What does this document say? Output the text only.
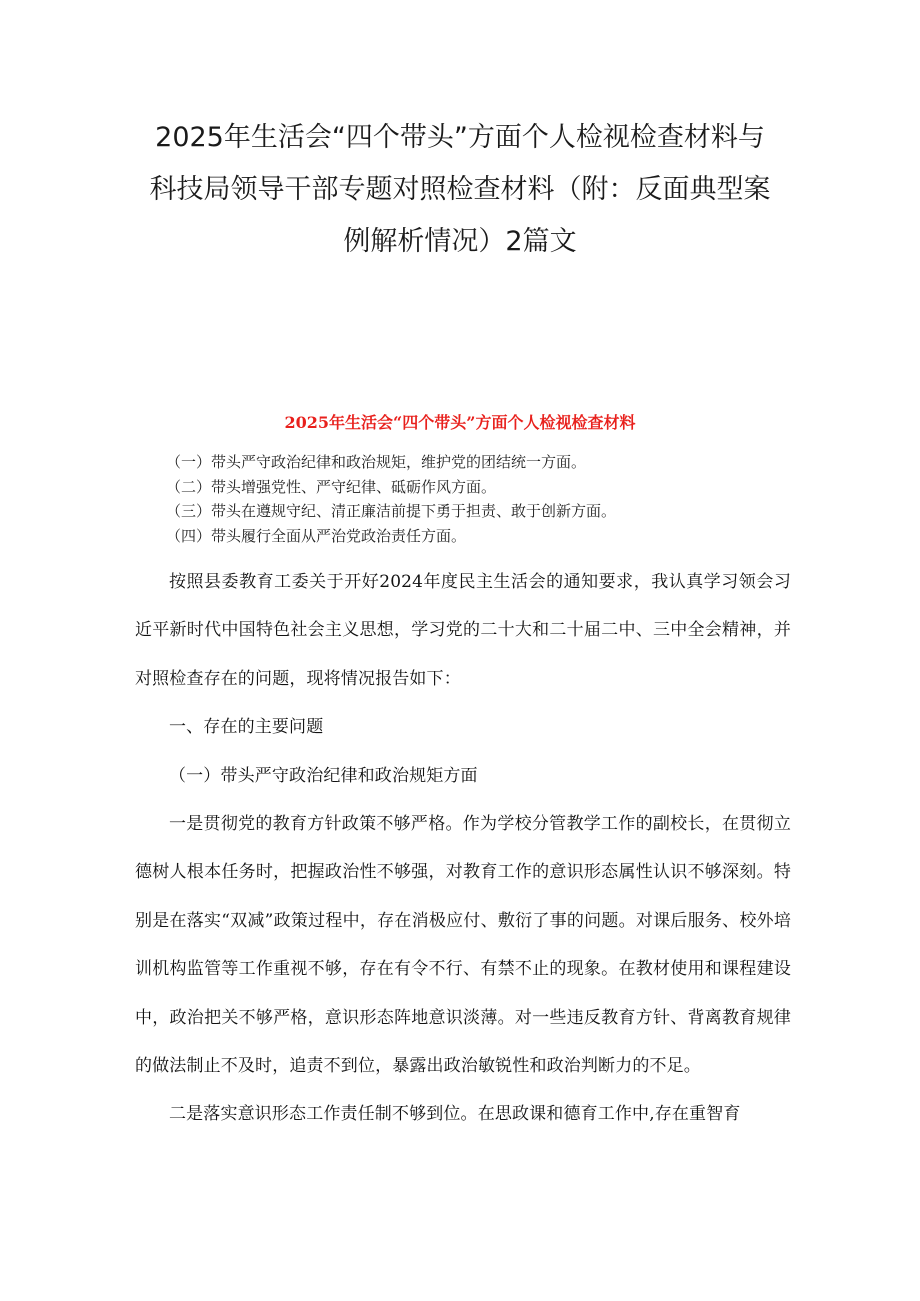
2025年生活会“四个带头”方面个人检视检查材料与
科技局领导干部专题对照检查材料（附：反面典型案
例解析情况）2篇文
2025年生活会“四个带头”方面个人检视检查材料
（一）带头严守政治纪律和政治规矩，维护党的团结统一方面。
（二）带头增强党性、严守纪律、砥砺作风方面。
（三）带头在遵规守纪、清正廉洁前提下勇于担责、敢于创新方面。
（四）带头履行全面从严治党政治责任方面。

按照县委教育工委关于开好2024年度民主生活会的通知要求，我认真学习领会习近平新时代中国特色社会主义思想，学习党的二十大和二十届二中、三中全会精神，并对照检查存在的问题，现将情况报告如下：

一、存在的主要问题

（一）带头严守政治纪律和政治规矩方面

一是贯彻党的教育方针政策不够严格。作为学校分管教学工作的副校长，在贯彻立德树人根本任务时，把握政治性不够强，对教育工作的意识形态属性认识不够深刻。特别是在落实“双减”政策过程中，存在消极应付、敷衍了事的问题。对课后服务、校外培训机构监管等工作重视不够，存在有令不行、有禁不止的现象。在教材使用和课程建设中，政治把关不够严格，意识形态阵地意识淡薄。对一些违反教育方针、背离教育规律的做法制止不及时，追责不到位，暴露出政治敏锐性和政治判断力的不足。

二是落实意识形态工作责任制不够到位。在思政课和德育工作中,存在重智育
